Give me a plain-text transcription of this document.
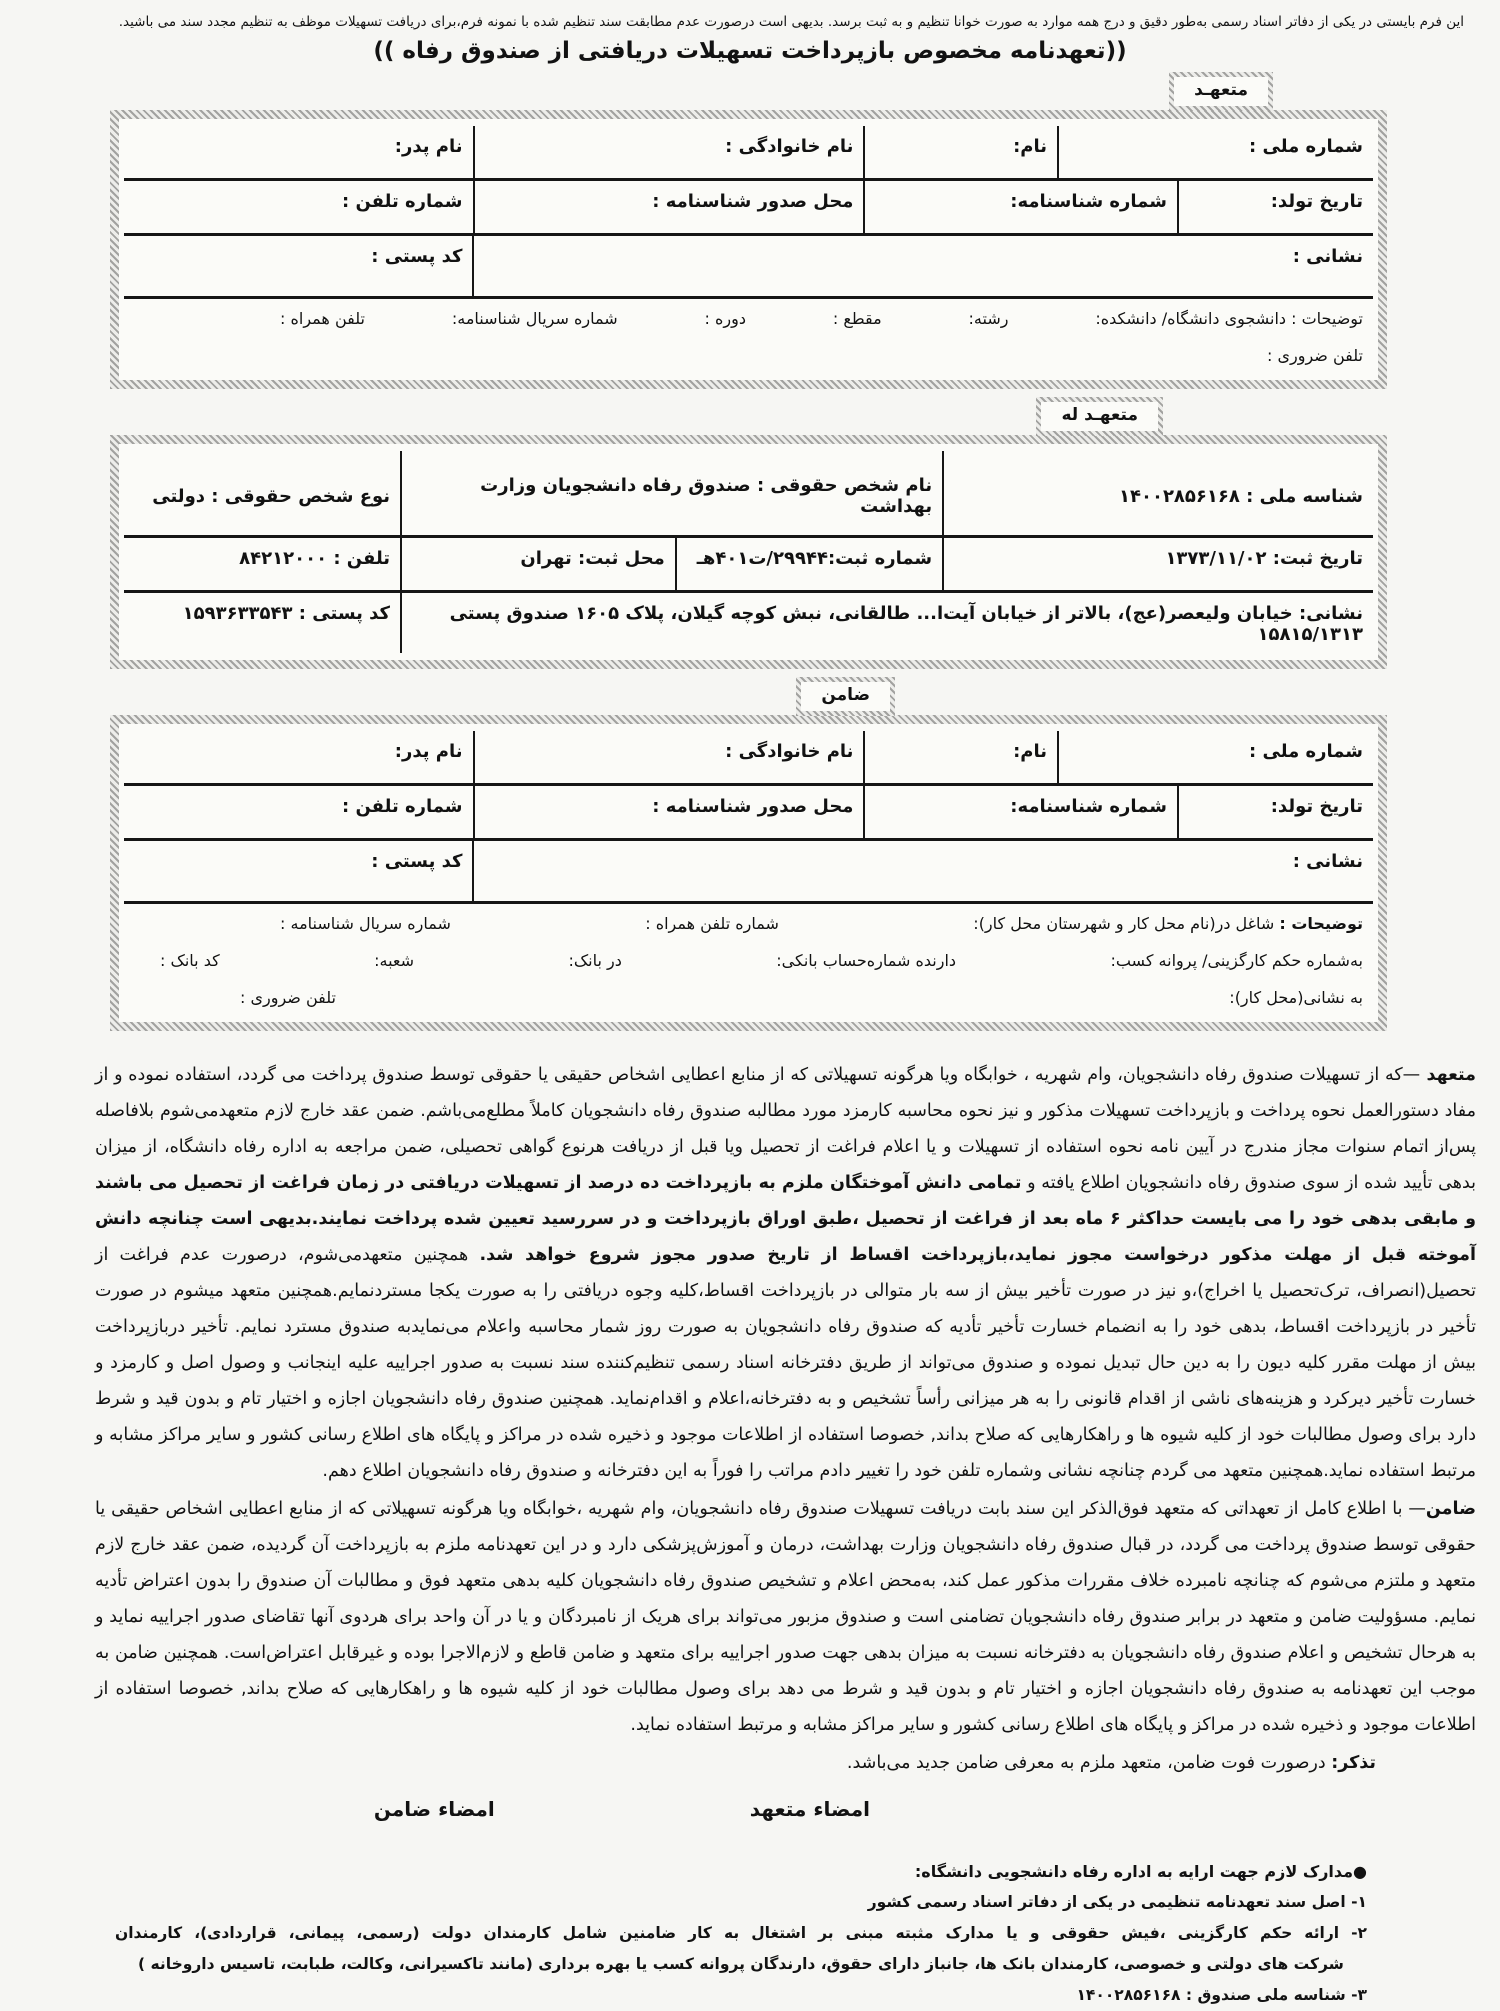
این فرم بایستی در یکی از دفاتر اسناد رسمی به‌طور دقیق و درج همه موارد به صورت خوانا تنظیم و به ثبت برسد. بدیهی است درصورت عدم مطابقت سند تنظیم شده با نمونه فرم،برای دریافت تسهیلات موظف به تنظیم مجدد سند می باشید.
((تعهدنامه مخصوص بازپرداخت تسهیلات دریافتی از صندوق رفاه ))
متعهـد
شماره ملی :
نام:
نام خانوادگی :
نام پدر:
تاریخ تولد:
شماره شناسنامه:
محل صدور شناسنامه :
شماره تلفن :
نشانی :
کد پستی :
توضیحات : دانشجوی دانشگاه/ دانشکده:
رشته:
مقطع :
دوره :
شماره سریال شناسنامه:
تلفن همراه :
تلفن ضروری :
متعهـد له
شناسه ملی : ۱۴۰۰۲۸۵۶۱۶۸
نام شخص حقوقی : صندوق رفاه دانشجویان وزارت بهداشت
نوع شخص حقوقی : دولتی
تاریخ ثبت: ۱۳۷۳/۱۱/۰۲
شماره ثبت:۲۹۹۴۴/ت۴۰۱هـ
محل ثبت: تهران
تلفن : ۸۴۲۱۲۰۰۰
نشانی: خیابان ولیعصر(عج)، بالاتر از خیابان آیت‌ا... طالقانی، نبش کوچه گیلان، پلاک ۱۶۰۵ صندوق پستی ۱۵۸۱۵/۱۳۱۳
کد پستی : ۱۵۹۳۶۳۳۵۴۳
ضامن
شماره ملی :
نام:
نام خانوادگی :
نام پدر:
تاریخ تولد:
شماره شناسنامه:
محل صدور شناسنامه :
شماره تلفن :
نشانی :
کد پستی :
توضیحات : شاغل در(نام محل کار و شهرستان محل کار):
شماره تلفن همراه :
شماره سریال شناسنامه :
به‌شماره حکم کارگزینی/ پروانه کسب:
دارنده شماره‌حساب بانکی:
در بانک:
شعبه:
کد بانک :
به نشانی(محل کار):
تلفن ضروری :
متعهد —که از تسهیلات صندوق رفاه دانشجویان، وام شهریه ، خوابگاه ویا هرگونه تسهیلاتی که از منابع اعطایی اشخاص حقیقی یا حقوقی توسط صندوق پرداخت می گردد، استفاده نموده و از مفاد دستورالعمل نحوه پرداخت و بازپرداخت تسهیلات مذکور و نیز نحوه محاسبه کارمزد مورد مطالبه صندوق رفاه دانشجویان کاملاً مطلع‌می‌باشم. ضمن عقد خارج لازم متعهدمی‌شوم بلافاصله پس‌از اتمام سنوات مجاز مندرج در آیین نامه نحوه استفاده از تسهیلات و یا اعلام فراغت از تحصیل ویا قبل از دریافت هرنوع گواهی تحصیلی، ضمن مراجعه به اداره رفاه دانشگاه، از میزان بدهی تأیید شده از سوی صندوق رفاه دانشجویان اطلاع یافته و تمامی دانش آموختگان ملزم به بازپرداخت ده درصد از تسهیلات دریافتی در زمان فراغت از تحصیل می باشند و مابقی بدهی خود را می بایست حداکثر ۶ ماه بعد از فراغت از تحصیل ،طبق اوراق بازپرداخت و در سررسید تعیین شده پرداخت نمایند.بدیهی است چنانچه دانش آموخته قبل از مهلت مذکور درخواست مجوز نماید،بازپرداخت اقساط از تاریخ صدور مجوز شروع خواهد شد. همچنین متعهدمی‌شوم، درصورت عدم فراغت از تحصیل(انصراف، ترک‌تحصیل یا اخراج)،و نیز در صورت تأخیر بیش از سه بار متوالی در بازپرداخت اقساط،کلیه وجوه دریافتی را به صورت یکجا مستردنمایم.همچنین متعهد میشوم در صورت تأخیر در بازپرداخت اقساط، بدهی خود را به انضمام خسارت تأخیر تأدیه که صندوق رفاه دانشجویان به صورت روز شمار محاسبه واعلام می‌نمایدبه صندوق مسترد نمایم. تأخیر دربازپرداخت بیش از مهلت مقرر کلیه دیون را به دین حال تبدیل نموده و صندوق می‌تواند از طریق دفترخانه اسناد رسمی تنظیم‌کننده سند نسبت به صدور اجراییه علیه اینجانب و وصول اصل و کارمزد و خسارت تأخیر دیرکرد و هزینه‌های ناشی از اقدام قانونی را به هر میزانی رأساً تشخیص و به دفترخانه،اعلام و اقدام‌نماید. همچنین صندوق رفاه دانشجویان اجازه و اختیار تام و بدون قید و شرط دارد برای وصول مطالبات خود از کلیه شیوه ها و راهکارهایی که صلاح بداند, خصوصا استفاده از اطلاعات موجود و ذخیره شده در مراکز و پایگاه های اطلاع رسانی کشور و سایر مراکز مشابه و مرتبط استفاده نماید.همچنین متعهد می گردم چنانچه نشانی وشماره تلفن خود را تغییر دادم مراتب را فوراً به این دفترخانه و صندوق رفاه دانشجویان اطلاع دهم.
ضامن— با اطلاع کامل از تعهداتی که متعهد فوق‌الذکر این سند بابت دریافت تسهیلات صندوق رفاه دانشجویان، وام شهریه ،خوابگاه ویا هرگونه تسهیلاتی که از منابع اعطایی اشخاص حقیقی یا حقوقی توسط صندوق پرداخت می گردد، در قبال صندوق رفاه دانشجویان وزارت بهداشت، درمان و آموزش‌پزشکی دارد و در این تعهدنامه ملزم به بازپرداخت آن گردیده، ضمن عقد خارج لازم متعهد و ملتزم می‌شوم که چنانچه نامبرده خلاف مقررات مذکور عمل کند، به‌محض اعلام و تشخیص صندوق رفاه دانشجویان کلیه بدهی متعهد فوق و مطالبات آن صندوق را بدون اعتراض تأدیه نمایم. مسؤولیت ضامن و متعهد در برابر صندوق رفاه دانشجویان تضامنی است و صندوق مزبور می‌تواند برای هریک از نامبردگان و یا در آن واحد برای هردوی آنها تقاضای صدور اجراییه نماید و به هرحال تشخیص و اعلام صندوق رفاه دانشجویان به دفترخانه نسبت به میزان بدهی جهت صدور اجراییه برای متعهد و ضامن قاطع و لازم‌الاجرا بوده و غیرقابل اعتراض‌است. همچنین ضامن به موجب این تعهدنامه به صندوق رفاه دانشجویان اجازه و اختیار تام و بدون قید و شرط می دهد برای وصول مطالبات خود از کلیه شیوه ها و راهکارهایی که صلاح بداند, خصوصا استفاده از اطلاعات موجود و ذخیره شده در مراکز و پایگاه های اطلاع رسانی کشور و سایر مراکز مشابه و مرتبط استفاده نماید.
تذکر: درصورت فوت ضامن، متعهد ملزم به معرفی ضامن جدید می‌باشد.
امضاء متعهد
امضاء ضامن
●مدارک لازم جهت ارایه به اداره رفاه دانشجویی دانشگاه:
۱- اصل سند تعهدنامه تنظیمی در یکی از دفاتر اسناد رسمی کشور
۲- ارائه حکم کارگزینی ،فیش حقوقی و یا مدارک مثبته مبنی بر اشتغال به کار ضامنین شامل کارمندان دولت (رسمی، پیمانی، قراردادی)، کارمندان
شرکت های دولتی و خصوصی، کارمندان بانک ها، جانباز دارای حقوق، دارندگان پروانه کسب یا بهره برداری (مانند تاکسیرانی، وکالت، طبابت، تاسیس داروخانه )
۳- شناسه ملی صندوق : ۱۴۰۰۲۸۵۶۱۶۸
